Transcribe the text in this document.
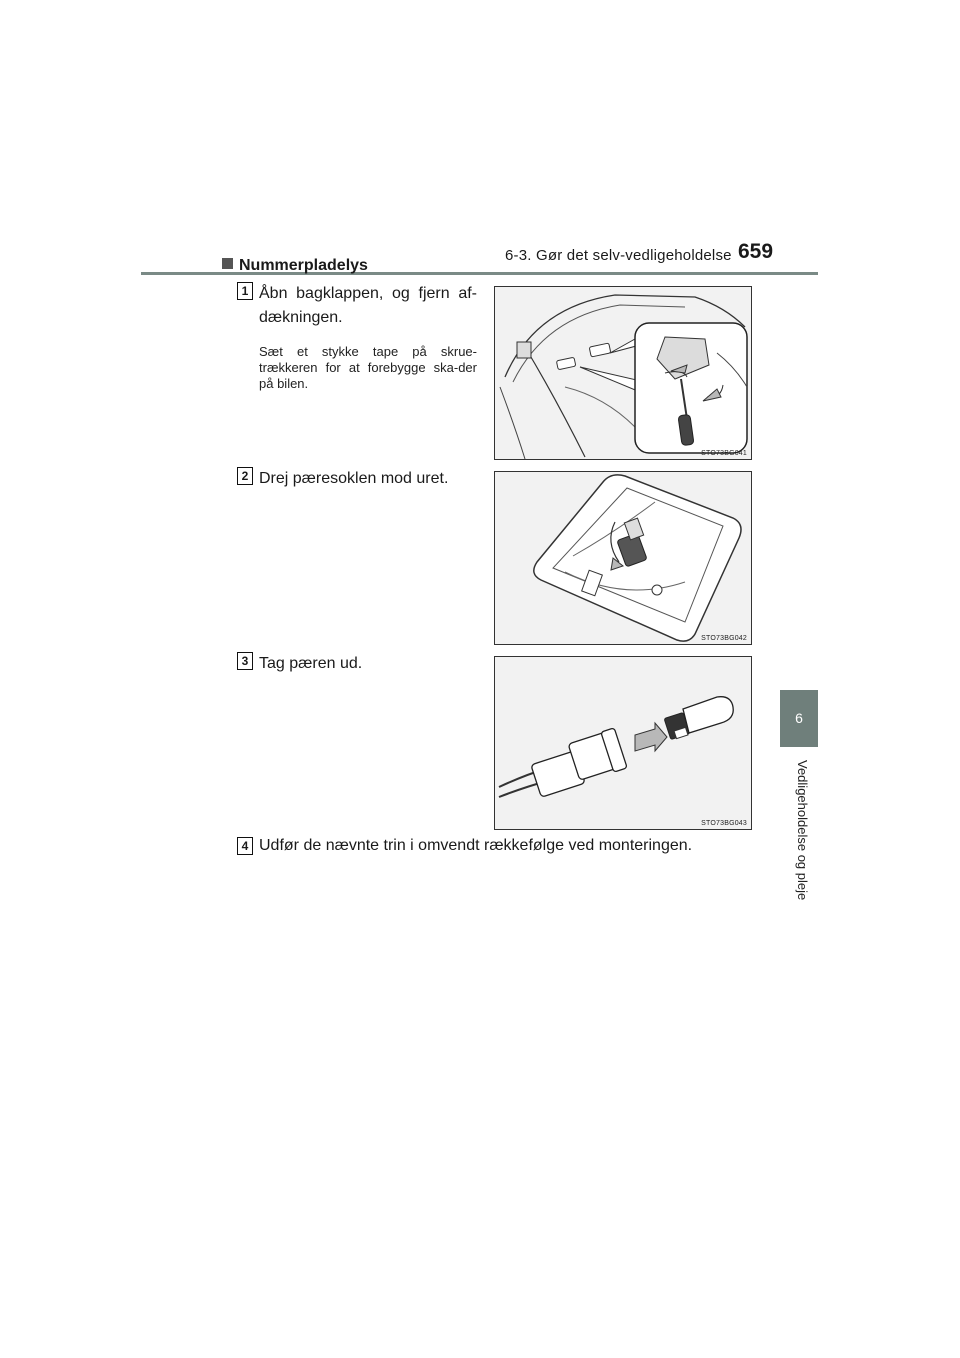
6-3. Gør det selv-vedligeholdelse 659
6
Vedligeholdelse og pleje
Nummerpladelys
1 Åbn bagklappen, og fjern af-dækningen.
Sæt et stykke tape på skrue-trækkeren for at forebygge ska-der på bilen.
STO73BG041
2 Drej pæresoklen mod uret.
STO73BG042
3 Tag pæren ud.
STO73BG043
4 Udfør de nævnte trin i omvendt rækkefølge ved monteringen.
